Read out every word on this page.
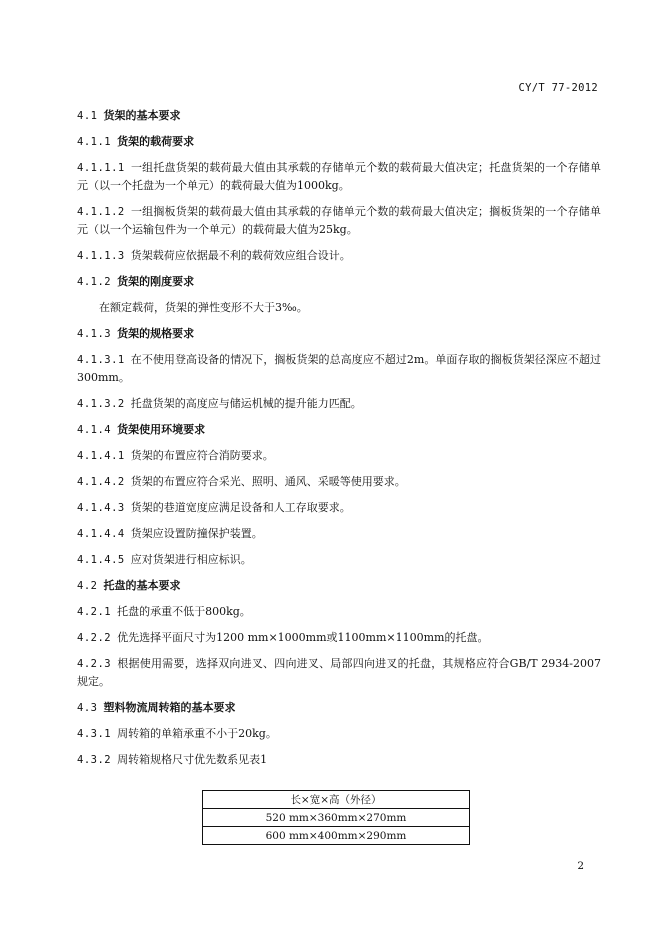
CY/T 77-2012
4.1 货架的基本要求
4.1.1 货架的载荷要求
4.1.1.1 一组托盘货架的载荷最大值由其承载的存储单元个数的载荷最大值决定；托盘货架的一个存储单元（以一个托盘为一个单元）的载荷最大值为1000kg。
4.1.1.2 一组搁板货架的载荷最大值由其承载的存储单元个数的载荷最大值决定；搁板货架的一个存储单元（以一个运输包件为一个单元）的载荷最大值为25kg。
4.1.1.3 货架载荷应依据最不利的载荷效应组合设计。
4.1.2 货架的刚度要求
在额定载荷，货架的弹性变形不大于3‰。
4.1.3 货架的规格要求
4.1.3.1 在不使用登高设备的情况下，搁板货架的总高度应不超过2m。单面存取的搁板货架径深应不超过300mm。
4.1.3.2 托盘货架的高度应与储运机械的提升能力匹配。
4.1.4 货架使用环境要求
4.1.4.1 货架的布置应符合消防要求。
4.1.4.2 货架的布置应符合采光、照明、通风、采暖等使用要求。
4.1.4.3 货架的巷道宽度应满足设备和人工存取要求。
4.1.4.4 货架应设置防撞保护装置。
4.1.4.5 应对货架进行相应标识。
4.2 托盘的基本要求
4.2.1 托盘的承重不低于800kg。
4.2.2 优先选择平面尺寸为1200 mm×1000mm或1100mm×1100mm的托盘。
4.2.3 根据使用需要，选择双向进叉、四向进叉、局部四向进叉的托盘，其规格应符合GB/T 2934-2007规定。
4.3 塑料物流周转箱的基本要求
4.3.1 周转箱的单箱承重不小于20kg。
4.3.2 周转箱规格尺寸优先数系见表1
长×宽×高（外径）
520 mm×360mm×270mm
600 mm×400mm×290mm
2
